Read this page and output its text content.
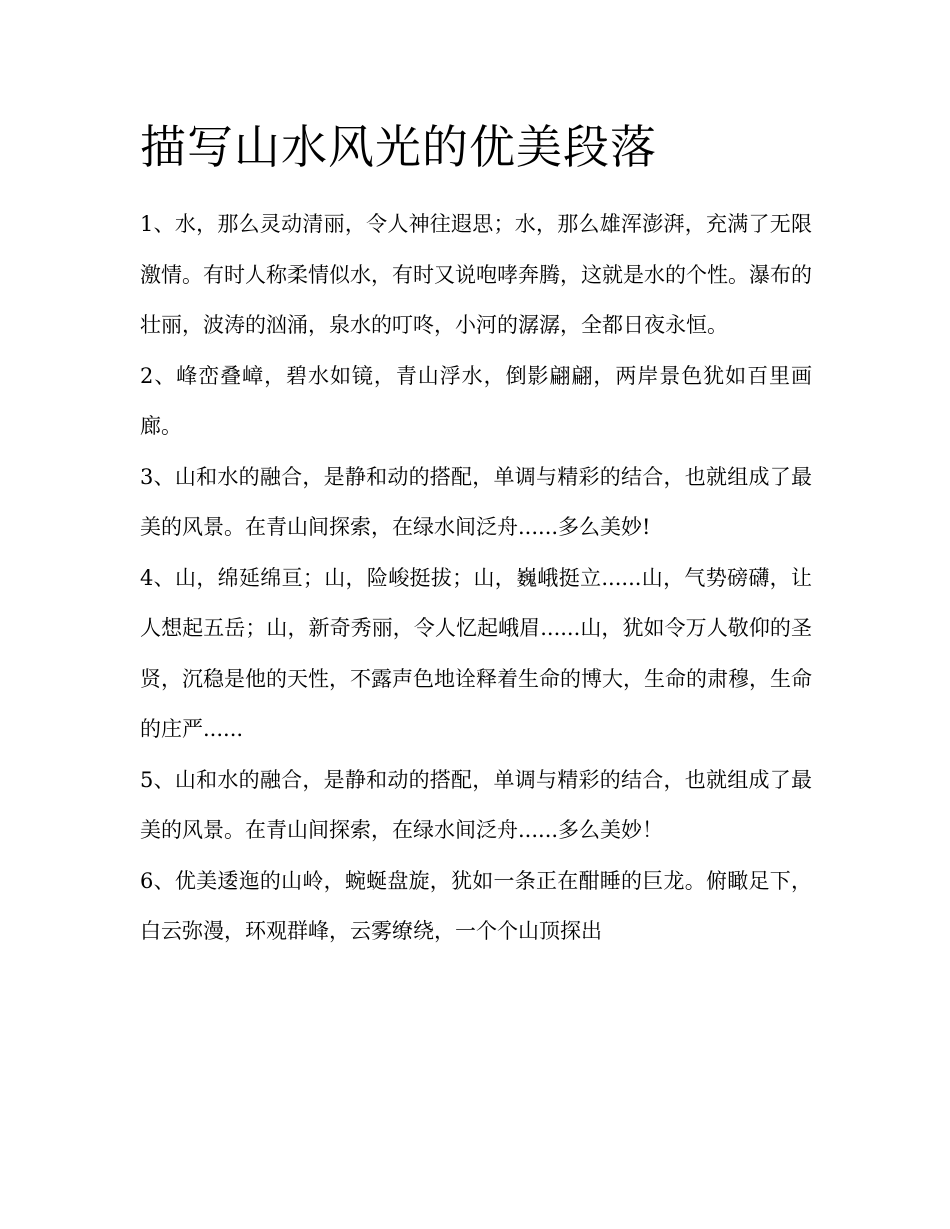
描写山水风光的优美段落

1、水，那么灵动清丽，令人神往遐思；水，那么雄浑澎湃，充满了无限激情。有时人称柔情似水，有时又说咆哮奔腾，这就是水的个性。瀑布的壮丽，波涛的汹涌，泉水的叮咚，小河的潺潺，全都日夜永恒。

2、峰峦叠嶂，碧水如镜，青山浮水，倒影翩翩，两岸景色犹如百里画廊。

3、山和水的融合，是静和动的搭配，单调与精彩的结合，也就组成了最美的风景。在青山间探索，在绿水间泛舟......多么美妙!

4、山，绵延绵亘；山，险峻挺拔；山，巍峨挺立......山，气势磅礴，让人想起五岳；山，新奇秀丽，令人忆起峨眉......山，犹如令万人敬仰的圣贤，沉稳是他的天性，不露声色地诠释着生命的博大，生命的肃穆，生命的庄严......

5、山和水的融合，是静和动的搭配，单调与精彩的结合，也就组成了最美的风景。在青山间探索，在绿水间泛舟......多么美妙！

6、优美逶迤的山岭，蜿蜒盘旋，犹如一条正在酣睡的巨龙。俯瞰足下，白云弥漫，环观群峰，云雾缭绕，一个个山顶探出
